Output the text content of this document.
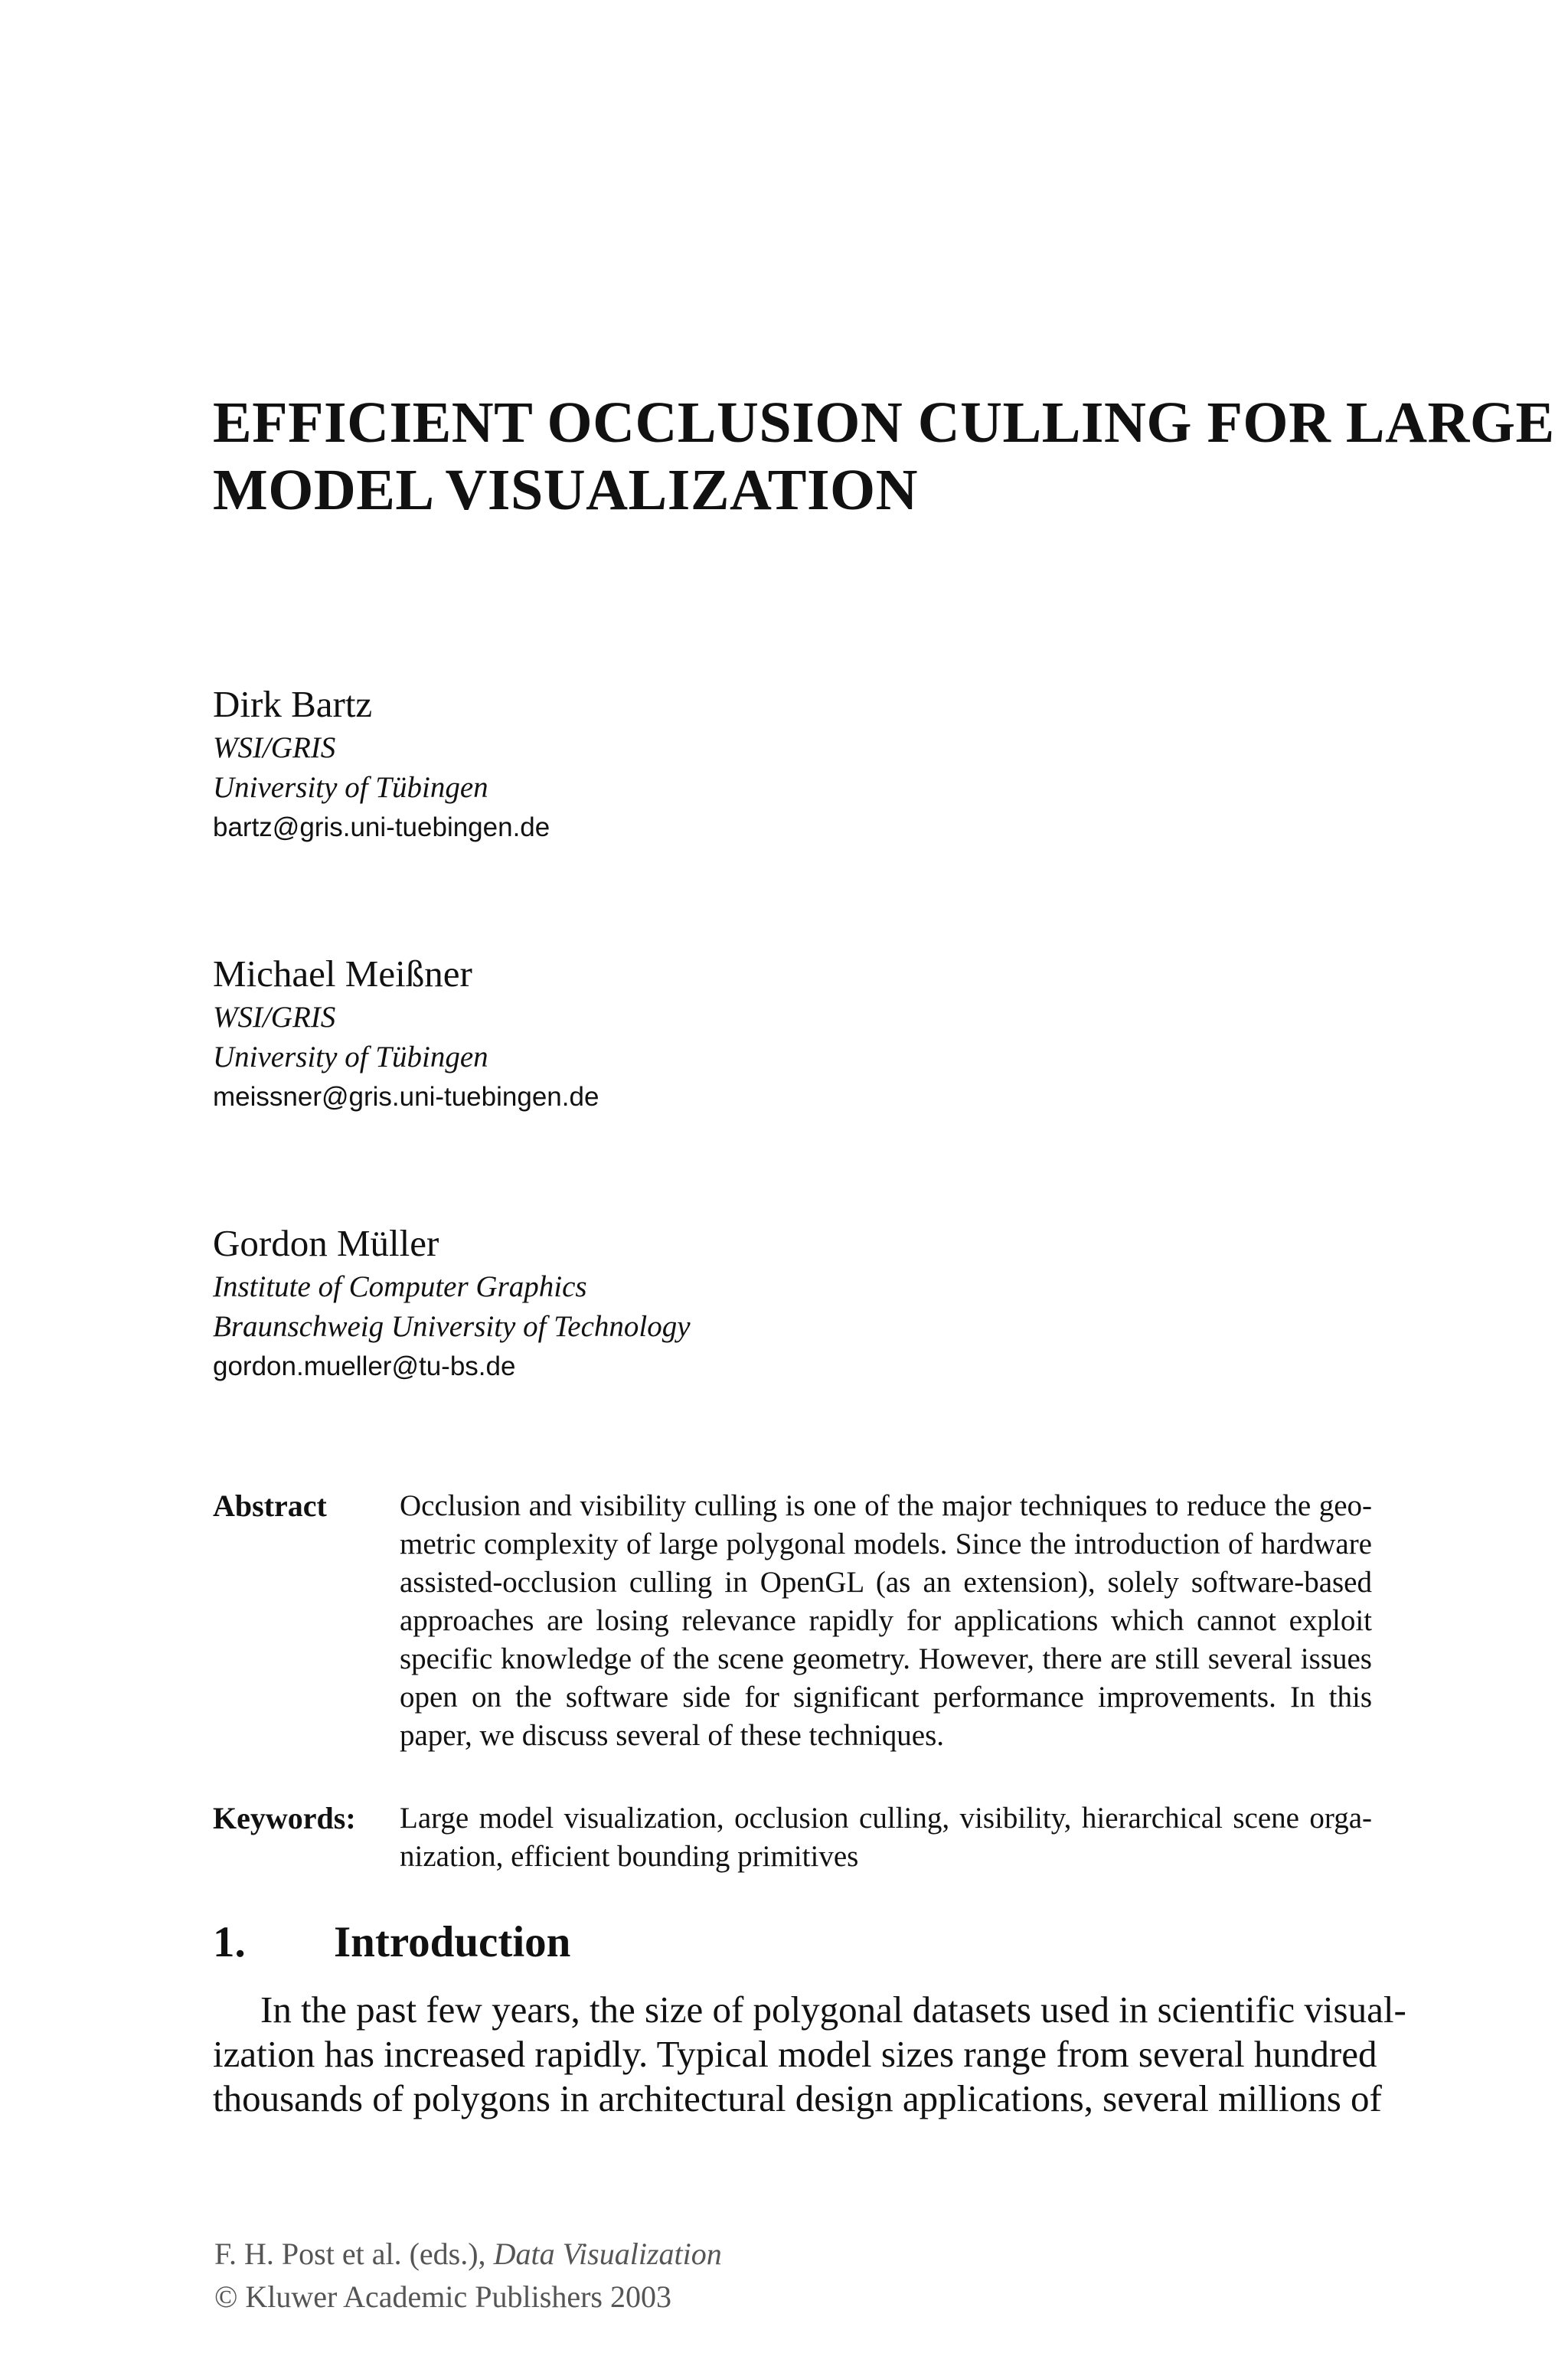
EFFICIENT OCCLUSION CULLING FOR LARGE
MODEL VISUALIZATION
Dirk Bartz
WSI/GRIS
University of Tübingen
bartz@gris.uni-tuebingen.de
Michael Meißner
WSI/GRIS
University of Tübingen
meissner@gris.uni-tuebingen.de
Gordon Müller
Institute of Computer Graphics
Braunschweig University of Technology
gordon.mueller@tu-bs.de
Abstract Occlusion and visibility culling is one of the major techniques to reduce the geo-
metric complexity of large polygonal models. Since the introduction of hardware
assisted-occlusion culling in OpenGL (as an extension), solely software-based
approaches are losing relevance rapidly for applications which cannot exploit
specific knowledge of the scene geometry. However, there are still several issues
open on the software side for significant performance improvements. In this
paper, we discuss several of these techniques.
Keywords: Large model visualization, occlusion culling, visibility, hierarchical scene orga-
nization, efficient bounding primitives
1. Introduction
In the past few years, the size of polygonal datasets used in scientific visual-
ization has increased rapidly. Typical model sizes range from several hundred
thousands of polygons in architectural design applications, several millions of
F. H. Post et al. (eds.), Data Visualization
© Kluwer Academic Publishers 2003
